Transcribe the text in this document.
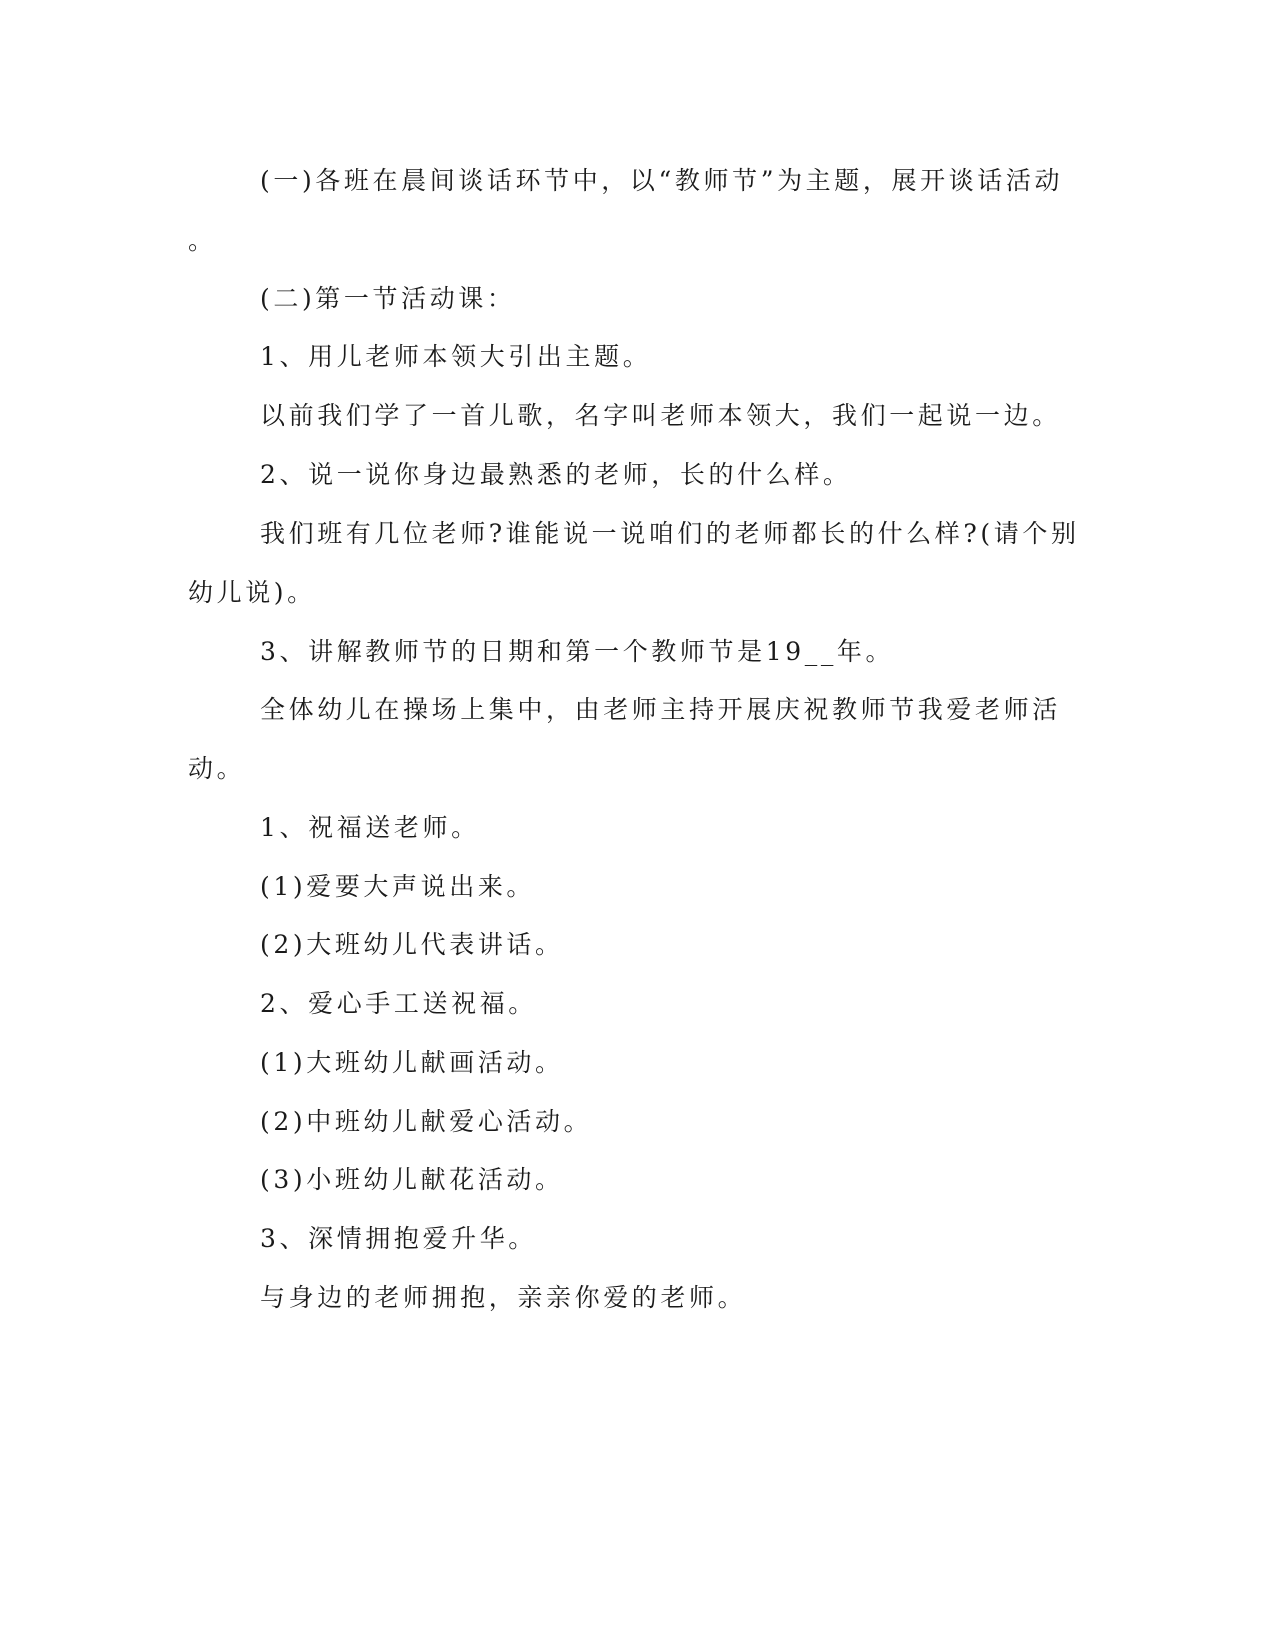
(一)各班在晨间谈话环节中，以“教师节”为主题，展开谈话活动
。
(二)第一节活动课：
1、用儿老师本领大引出主题。
以前我们学了一首儿歌，名字叫老师本领大，我们一起说一边。
2、说一说你身边最熟悉的老师，长的什么样。
我们班有几位老师?谁能说一说咱们的老师都长的什么样?(请个别
幼儿说)。
3、讲解教师节的日期和第一个教师节是19__年。
全体幼儿在操场上集中，由老师主持开展庆祝教师节我爱老师活
动。
1、祝福送老师。
(1)爱要大声说出来。
(2)大班幼儿代表讲话。
2、爱心手工送祝福。
(1)大班幼儿献画活动。
(2)中班幼儿献爱心活动。
(3)小班幼儿献花活动。
3、深情拥抱爱升华。
与身边的老师拥抱，亲亲你爱的老师。
